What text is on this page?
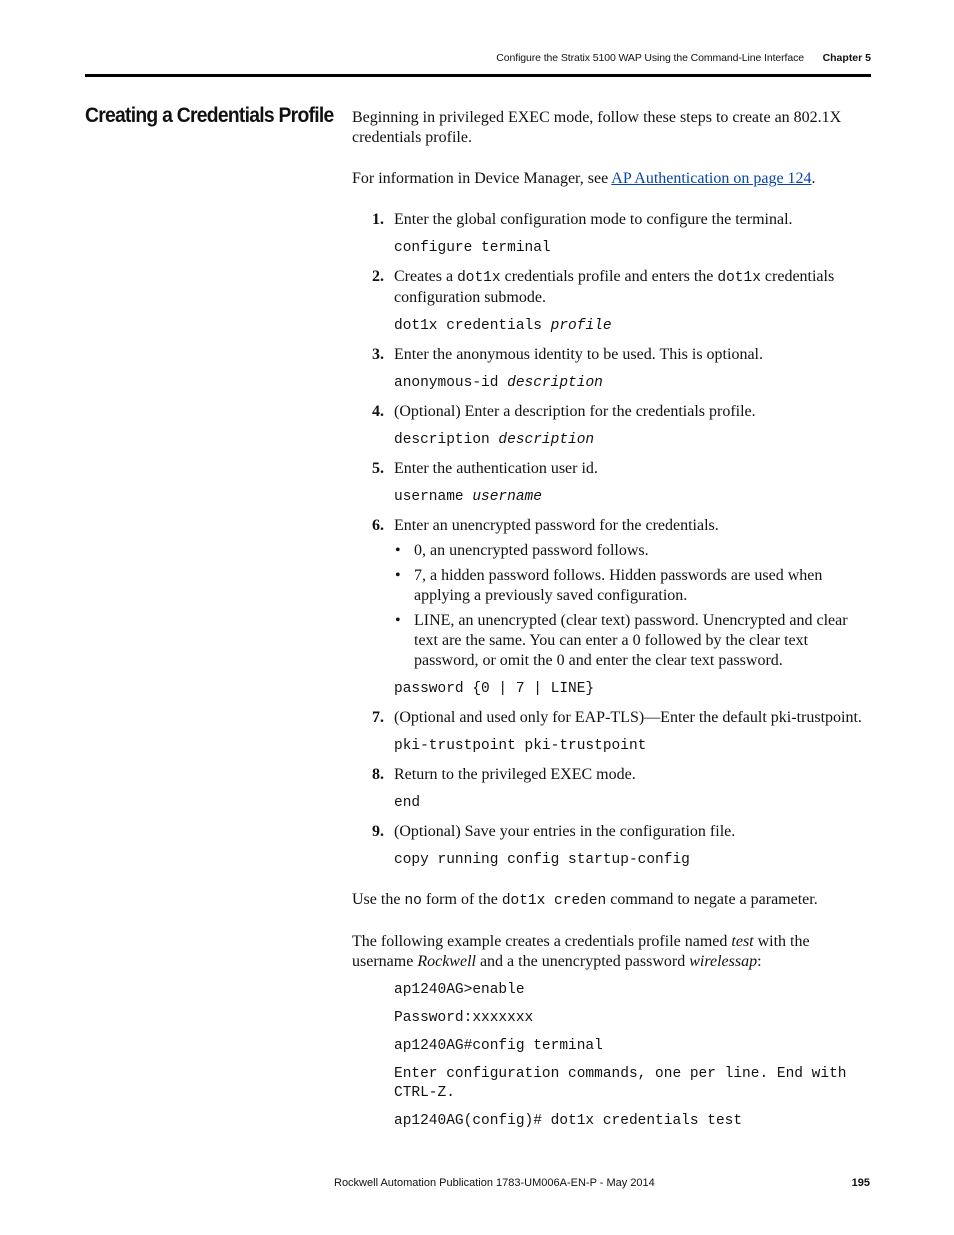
Configure the Stratix 5100 WAP Using the Command-Line Interface Chapter 5
Creating a Credentials Profile Beginning in privileged EXEC mode, follow these steps to create an 802.1X credentials profile.

For information in Device Manager, see AP Authentication on page 124.

1. Enter the global configuration mode to configure the terminal.
configure terminal
2. Creates a dot1x credentials profile and enters the dot1x credentials configuration submode.
dot1x credentials profile
3. Enter the anonymous identity to be used. This is optional.
anonymous-id description
4. (Optional) Enter a description for the credentials profile.
description description
5. Enter the authentication user id.
username username
6. Enter an unencrypted password for the credentials.
• 0, an unencrypted password follows.
• 7, a hidden password follows. Hidden passwords are used when applying a previously saved configuration.
• LINE, an unencrypted (clear text) password. Unencrypted and clear text are the same. You can enter a 0 followed by the clear text password, or omit the 0 and enter the clear text password.
password {0 | 7 | LINE}
7. (Optional and used only for EAP-TLS)—Enter the default pki-trustpoint.
pki-trustpoint pki-trustpoint
8. Return to the privileged EXEC mode.
end
9. (Optional) Save your entries in the configuration file.
copy running config startup-config

Use the no form of the dot1x creden command to negate a parameter.

The following example creates a credentials profile named test with the username Rockwell and a the unencrypted password wirelessap:

ap1240AG>enable
Password:xxxxxxx
ap1240AG#config terminal
Enter configuration commands, one per line. End with CTRL-Z.
ap1240AG(config)# dot1x credentials test
Rockwell Automation Publication 1783-UM006A-EN-P - May 2014	195
